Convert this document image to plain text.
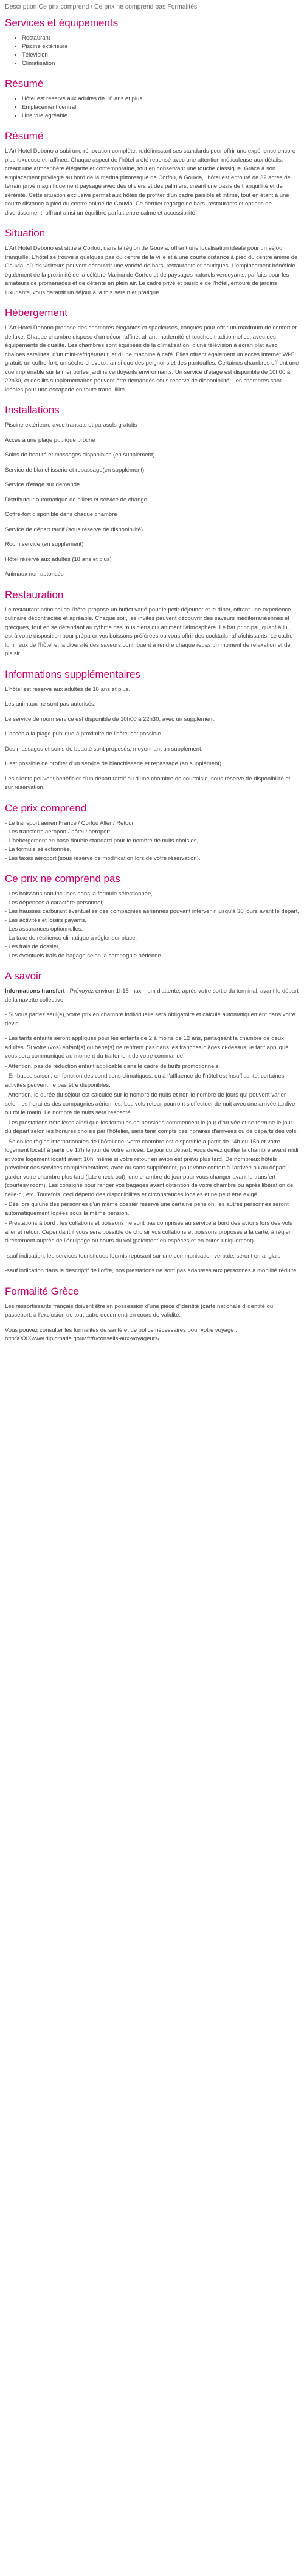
Description Ce prix comprend / Ce prix ne comprend pas Formalités
Services et équipements
• Restaurant
• Piscine extérieure
• Télévision
• Climatisation
Résumé
• Hôtel est réservé aux adultes de 18 ans et plus.
• Emplacement central
• Une vue agréable
Résumé

L'Art Hotel Debono a subi une rénovation complète, redéfinissant ses standards pour offrir une expérience encore plus luxueuse et raffinée. Chaque aspect de l'hôtel a été repensé avec une attention méticuleuse aux détails, créant une atmosphère élégante et contemporaine, tout en conservant une touche classique. Grâce à son emplacement privilégié au bord de la marina pittoresque de Corfou, à Gouvia, l'hôtel est entouré de 32 acres de terrain privé magnifiquement paysagé avec des oliviers et des palmiers, créant une oasis de tranquillité et de sérénité. Cette situation exclusive permet aux hôtes de profiter d'un cadre paisible et intime, tout en étant à une courte distance à pied du centre animé de Gouvia. Ce dernier regorge de bars, restaurants et options de divertissement, offrant ainsi un équilibre parfait entre calme et accessibilité.

Situation

L'Art Hotel Debono est situé à Corfou, dans la région de Gouvia, offrant une localisation idéale pour un séjour tranquille. L'hôtel se trouve à quelques pas du centre de la ville et à une courte distance à pied du centre animé de Gouvia, où les visiteurs peuvent découvrir une variété de bars, restaurants et boutiques. L'emplacement bénéficie également de la proximité de la célèbre Marina de Corfou et de paysages naturels verdoyants, parfaits pour les amateurs de promenades et de détente en plein air. Le cadre privé et paisible de l'hôtel, entouré de jardins luxuriants, vous garantit un séjour à la fois serein et pratique.

Hébergement

L'Art Hotel Debono propose des chambres élégantes et spacieuses, conçues pour offrir un maximum de confort et de luxe. Chaque chambre dispose d'un décor raffiné, alliant modernité et touches traditionnelles, avec des équipements de qualité. Les chambres sont équipées de la climatisation, d'une télévision à écran plat avec chaînes satellites, d'un mini-réfrigérateur, et d'une machine à café. Elles offrent également un accès Internet Wi-Fi gratuit, un coffre-fort, un sèche-cheveux, ainsi que des peignoirs et des pantoufles. Certaines chambres offrent une vue imprenable sur la mer ou les jardins verdoyants environnants. Un service d'étage est disponible de 10h00 à 22h30, et des lits supplémentaires peuvent être demandés sous réserve de disponibilité. Les chambres sont idéales pour une escapade en toute tranquillité.

Installations

Piscine extérieure avec transats et parasols gratuits

Accès à une plage publique proche

Soins de beauté et massages disponibles (en supplément)

Service de blanchisserie et repassage(en supplément)

Service d'étage sur demande

Distributeur automatique de billets et service de change

Coffre-fort disponible dans chaque chambre

Service de départ tardif (sous réserve de disponibilité)

Room service (en supplément)

Hôtel réservé aux adultes (18 ans et plus)

Animaux non autorisés

Restauration

Le restaurant principal de l'hôtel propose un buffet varié pour le petit-déjeuner et le dîner, offrant une expérience culinaire décontractée et agréable. Chaque soir, les invités peuvent découvrir des saveurs méditerranéennes et grecques, tout en se détendant au rythme des musiciens qui animent l'atmosphère. Le bar principal, quant à lui, est à votre disposition pour préparer vos boissons préférées ou vous offrir des cocktails rafraîchissants. Le cadre lumineux de l'hôtel et la diversité des saveurs contribuent à rendre chaque repas un moment de relaxation et de plaisir.

Informations supplémentaires

L'hôtel est réservé aux adultes de 18 ans et plus.

Les animaux ne sont pas autorisés.

Le service de room service est disponible de 10h00 à 22h30, avec un supplément.

L'accès à la plage publique à proximité de l'hôtel est possible.

Des massages et soins de beauté sont proposés, moyennant un supplément.

Il est possible de profiter d'un service de blanchisserie et repassage (en supplément).

Les clients peuvent bénéficier d'un départ tardif ou d'une chambre de courtoisie, sous réserve de disponibilité et sur réservation.

Ce prix comprend
- Le transport aérien France / Corfou Aller / Retour,
- Les transferts aéroport / hôtel / aéroport,
- L'hébergement en base double standard pour le nombre de nuits choisies,
- La formule sélectionnée,
- Les taxes aéroport (sous réserve de modification lors de votre réservation).
Ce prix ne comprend pas
- Les boissons non incluses dans la formule sélectionnée,
- Les dépenses à caractère personnel,
- Les hausses carburant éventuelles des compagnies aériennes pouvant intervenir jusqu'à 30 jours avant le départ,
- Les activités et loisirs payants,
- Les assurances optionnelles,
- La taxe de résilience climatique à régler sur place,
- Les frais de dossier,
- Les éventuels frais de bagage selon la compagnie aérienne.
A savoir

Informations transfert : Prévoyez environ 1h15 maximum d'attente, après votre sortie du terminal, avant le départ de la navette collective.

- Si vous partez seul(e), votre prix en chambre individuelle sera obligatoire et calculé automatiquement dans votre devis.

- Les tarifs enfants seront appliqués pour les enfants de 2 à moins de 12 ans, partageant la chambre de deux adultes. Si votre (vos) enfant(s) ou bébé(s) ne rentrent pas dans les tranches d'âges ci-dessus, le tarif appliqué vous sera communiqué au moment du traitement de votre commande.

- Attention, pas de réduction enfant applicable dans le cadre de tarifs promotionnels.

- En basse saison, en fonction des conditions climatiques, ou à l'affluence de l'hôtel est insuffisante, certaines activités peuvent ne pas être disponibles.

- Attention, le durée du séjour est calculée sur le nombre de nuits et non le nombre de jours qui peuvent varier selon les horaires des compagnies aériennes. Les vols retour pourront s'effectuer de nuit avec une arrivée tardive ou tôt le matin. Le nombre de nuits sera respecté.

- Les prestations hôtelières ainsi que les formules de pensions commencent le jour d'arrivée et se termine le jour du départ selon les horaires choisis par l'hôtelier, sans tenir compte des horaires d'arrivées ou de départs des vols.

- Selon les règles internationales de l'hôtellerie, votre chambre est disponible à partir de 14h ou 15h et votre logement locatif à partir de 17h le jour de votre arrivée. Le jour du départ, vous devez quitter la chambre avant midi et votre logement locatif avant 10h, même si votre retour en avion est prévu plus tard. De nombreux hôtels prévoient des services complémentaires, avec ou sans supplément, pour votre confort à l'arrivée ou au départ : garder votre chambre plus tard (late check-out), une chambre de jour pour vous changer avant le transfert (courtesy room). Les consigne pour ranger vos bagages avant obtention de votre chambre ou après libération de celle-ci, etc. Toutefois, ceci dépend des disponibilités et circonstances locales et ne peut être exigé.

- Dès lors qu'une des personnes d'un même dossier réserve une certaine pension, les autres personnes seront automatiquement logées sous la même pension.

- Prestations à bord : les collations et boissons ne sont pas comprises au service à bord des avions lors des vols aller et retour. Cependant il vous sera possible de choisir vos collations et boissons proposés à la carte, à régler directement auprès de l'équipage ou cours du vol (paiement en espèces et en euros uniquement).

-sauf indication, les services touristiques fournis reposant sur une communication verbale, seront en anglais

-sauf indication dans le descriptif de l'offre, nos prestations ne sont pas adaptées aux personnes à mobilité réduite.

Formalité Grèce

Les ressortissants français doivent être en possession d'une pièce d'identité (carte nationale d'identité ou passeport, à l'exclusion de tout autre document) en cours de validité.

Vous pouvez consulter les formalités de santé et de police nécessaires pour votre voyage : http:XXXXwww.diplomatie.gouv.fr/fr/conseils-aux-voyageurs/
